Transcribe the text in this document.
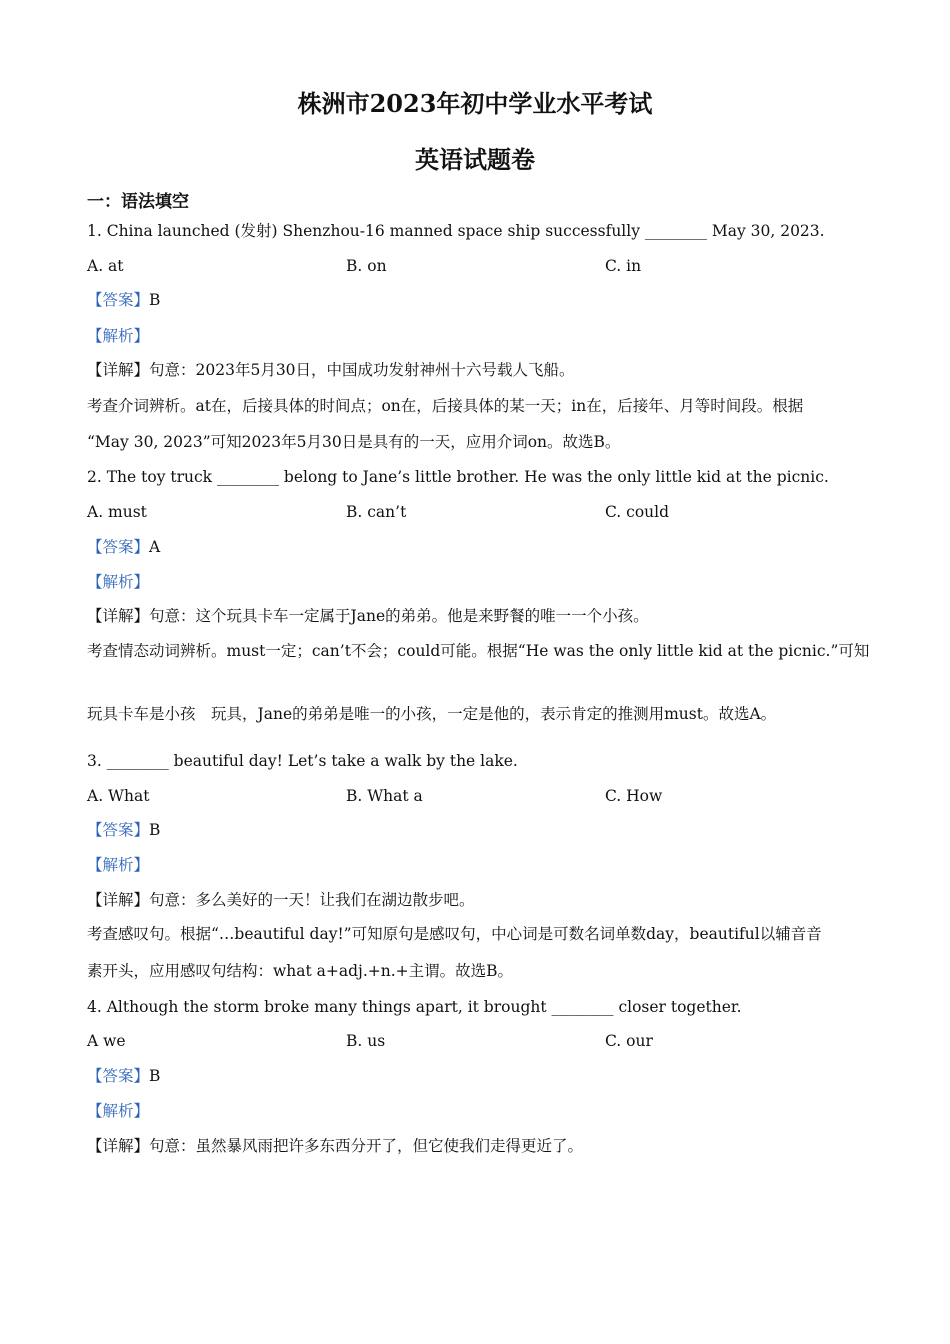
株洲市2023年初中学业水平考试
英语试题卷
一：语法填空
1. China launched (发射) Shenzhou-16 manned space ship successfully ________ May 30, 2023.
A. at	B. on	C. in
【答案】B
【解析】
【详解】句意：2023年5月30日，中国成功发射神州十六号载人飞船。
考查介词辨析。at在，后接具体的时间点；on在，后接具体的某一天；in在，后接年、月等时间段。根据
“May 30, 2023”可知2023年5月30日是具有的一天，应用介词on。故选B。
2. The toy truck ________ belong to Jane’s little brother. He was the only little kid at the picnic.
A. must	B. can’t	C. could
【答案】A
【解析】
【详解】句意：这个玩具卡车一定属于Jane的弟弟。他是来野餐的唯一一个小孩。
考查情态动词辨析。must一定；can’t不会；could可能。根据“He was the only little kid at the picnic.”可知
玩具卡车是小孩　玩具，Jane的弟弟是唯一的小孩，一定是他的，表示肯定的推测用must。故选A。
3. ________ beautiful day! Let’s take a walk by the lake.
A. What	B. What a	C. How
【答案】B
【解析】
【详解】句意：多么美好的一天！让我们在湖边散步吧。
考查感叹句。根据“…beautiful day!”可知原句是感叹句，中心词是可数名词单数day，beautiful以辅音音
素开头，应用感叹句结构：what a+adj.+n.+主谓。故选B。
4. Although the storm broke many things apart, it brought ________ closer together.
A we	B. us	C. our
【答案】B
【解析】
【详解】句意：虽然暴风雨把许多东西分开了，但它使我们走得更近了。
